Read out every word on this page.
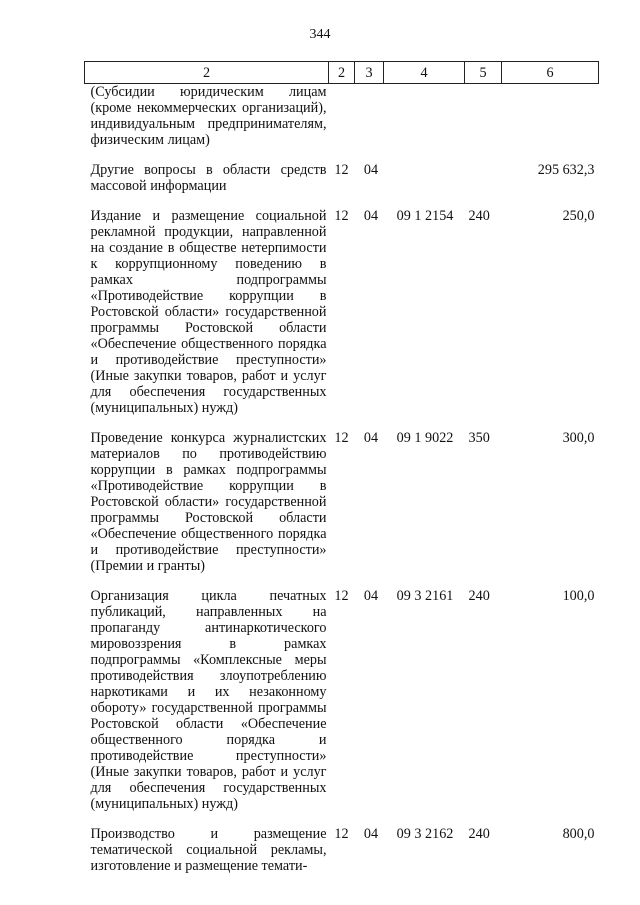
344
2	2	3	4	5	6
(Субсидии юридическим лицам (кроме некоммерческих организаций), индивидуальным предпринимателям, физическим лицам)					

Другие вопросы в области средств массовой информации	12	04			295 632,3

Издание и размещение социальной рекламной продукции, направленной на создание в обществе нетерпимости к коррупционному поведению в рамках подпрограммы «Противодействие коррупции в Ростовской области» государственной программы Ростовской области «Обеспечение общественного порядка и противодействие преступности» (Иные закупки товаров, работ и услуг для обеспечения государственных (муниципальных) нужд)	12	04	09 1 2154	240	250,0

Проведение конкурса журналистских материалов по противодействию коррупции в рамках подпрограммы «Противодействие коррупции в Ростовской области» государственной программы Ростовской области «Обеспечение общественного порядка и противодействие преступности» (Премии и гранты)	12	04	09 1 9022	350	300,0

Организация цикла печатных публикаций, направленных на пропаганду антинаркотического мировоззрения в рамках подпрограммы «Комплексные меры противодействия злоупотреблению наркотиками и их незаконному обороту» государственной программы Ростовской области «Обеспечение общественного порядка и противодействие преступности» (Иные закупки товаров, работ и услуг для обеспечения государственных (муниципальных) нужд)	12	04	09 3 2161	240	100,0

Производство и размещение тематической социальной рекламы, изготовление и размещение темати-	12	04	09 3 2162	240	800,0
